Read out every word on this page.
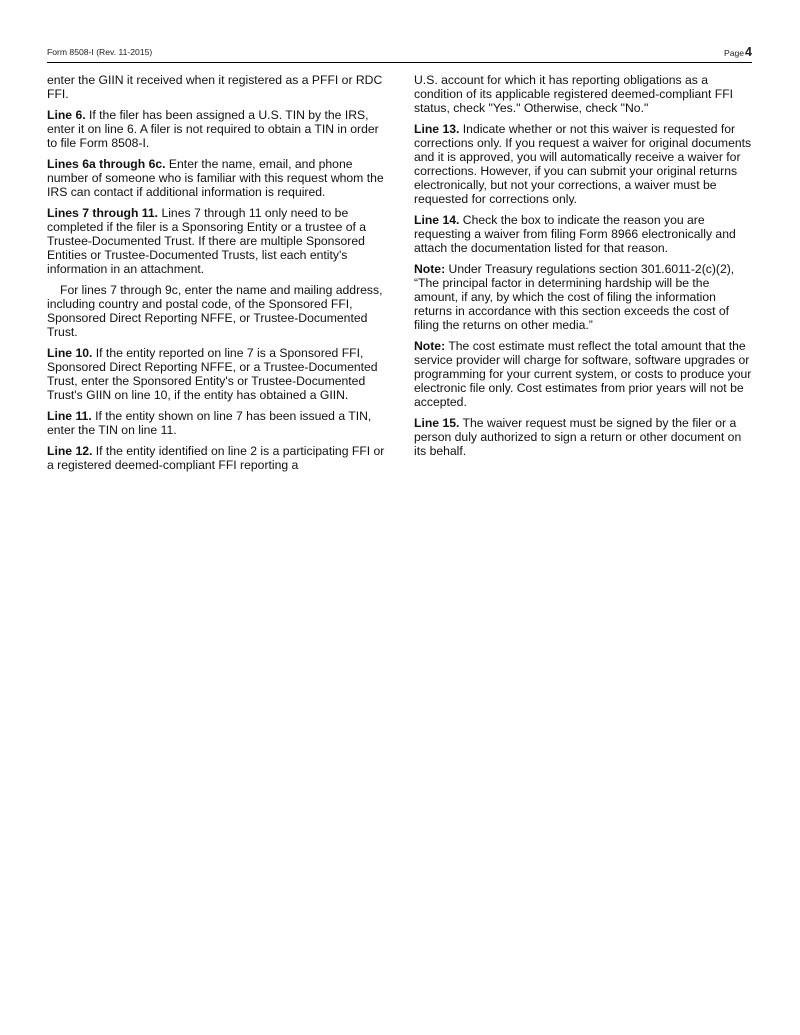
Form 8508-I (Rev. 11-2015)	Page4

enter the GIIN it received when it registered as a PFFI or RDC FFI.

Line 6. If the filer has been assigned a U.S. TIN by the IRS, enter it on line 6. A filer is not required to obtain a TIN in order to file Form 8508-I.

Lines 6a through 6c. Enter the name, email, and phone number of someone who is familiar with this request whom the IRS can contact if additional information is required.

Lines 7 through 11. Lines 7 through 11 only need to be completed if the filer is a Sponsoring Entity or a trustee of a Trustee-Documented Trust. If there are multiple Sponsored Entities or Trustee-Documented Trusts, list each entity's information in an attachment.

For lines 7 through 9c, enter the name and mailing address, including country and postal code, of the Sponsored FFI, Sponsored Direct Reporting NFFE, or Trustee-Documented Trust.

Line 10. If the entity reported on line 7 is a Sponsored FFI, Sponsored Direct Reporting NFFE, or a Trustee-Documented Trust, enter the Sponsored Entity's or Trustee-Documented Trust's GIIN on line 10, if the entity has obtained a GIIN.

Line 11. If the entity shown on line 7 has been issued a TIN, enter the TIN on line 11.

Line 12. If the entity identified on line 2 is a participating FFI or a registered deemed-compliant FFI reporting a

U.S. account for which it has reporting obligations as a condition of its applicable registered deemed-compliant FFI status, check "Yes." Otherwise, check "No."

Line 13. Indicate whether or not this waiver is requested for corrections only. If you request a waiver for original documents and it is approved, you will automatically receive a waiver for corrections. However, if you can submit your original returns electronically, but not your corrections, a waiver must be requested for corrections only.

Line 14. Check the box to indicate the reason you are requesting a waiver from filing Form 8966 electronically and attach the documentation listed for that reason.

Note: Under Treasury regulations section 301.6011-2(c)(2), “The principal factor in determining hardship will be the amount, if any, by which the cost of filing the information returns in accordance with this section exceeds the cost of filing the returns on other media.”

Note: The cost estimate must reflect the total amount that the service provider will charge for software, software upgrades or programming for your current system, or costs to produce your electronic file only. Cost estimates from prior years will not be accepted.

Line 15. The waiver request must be signed by the filer or a person duly authorized to sign a return or other document on its behalf.
